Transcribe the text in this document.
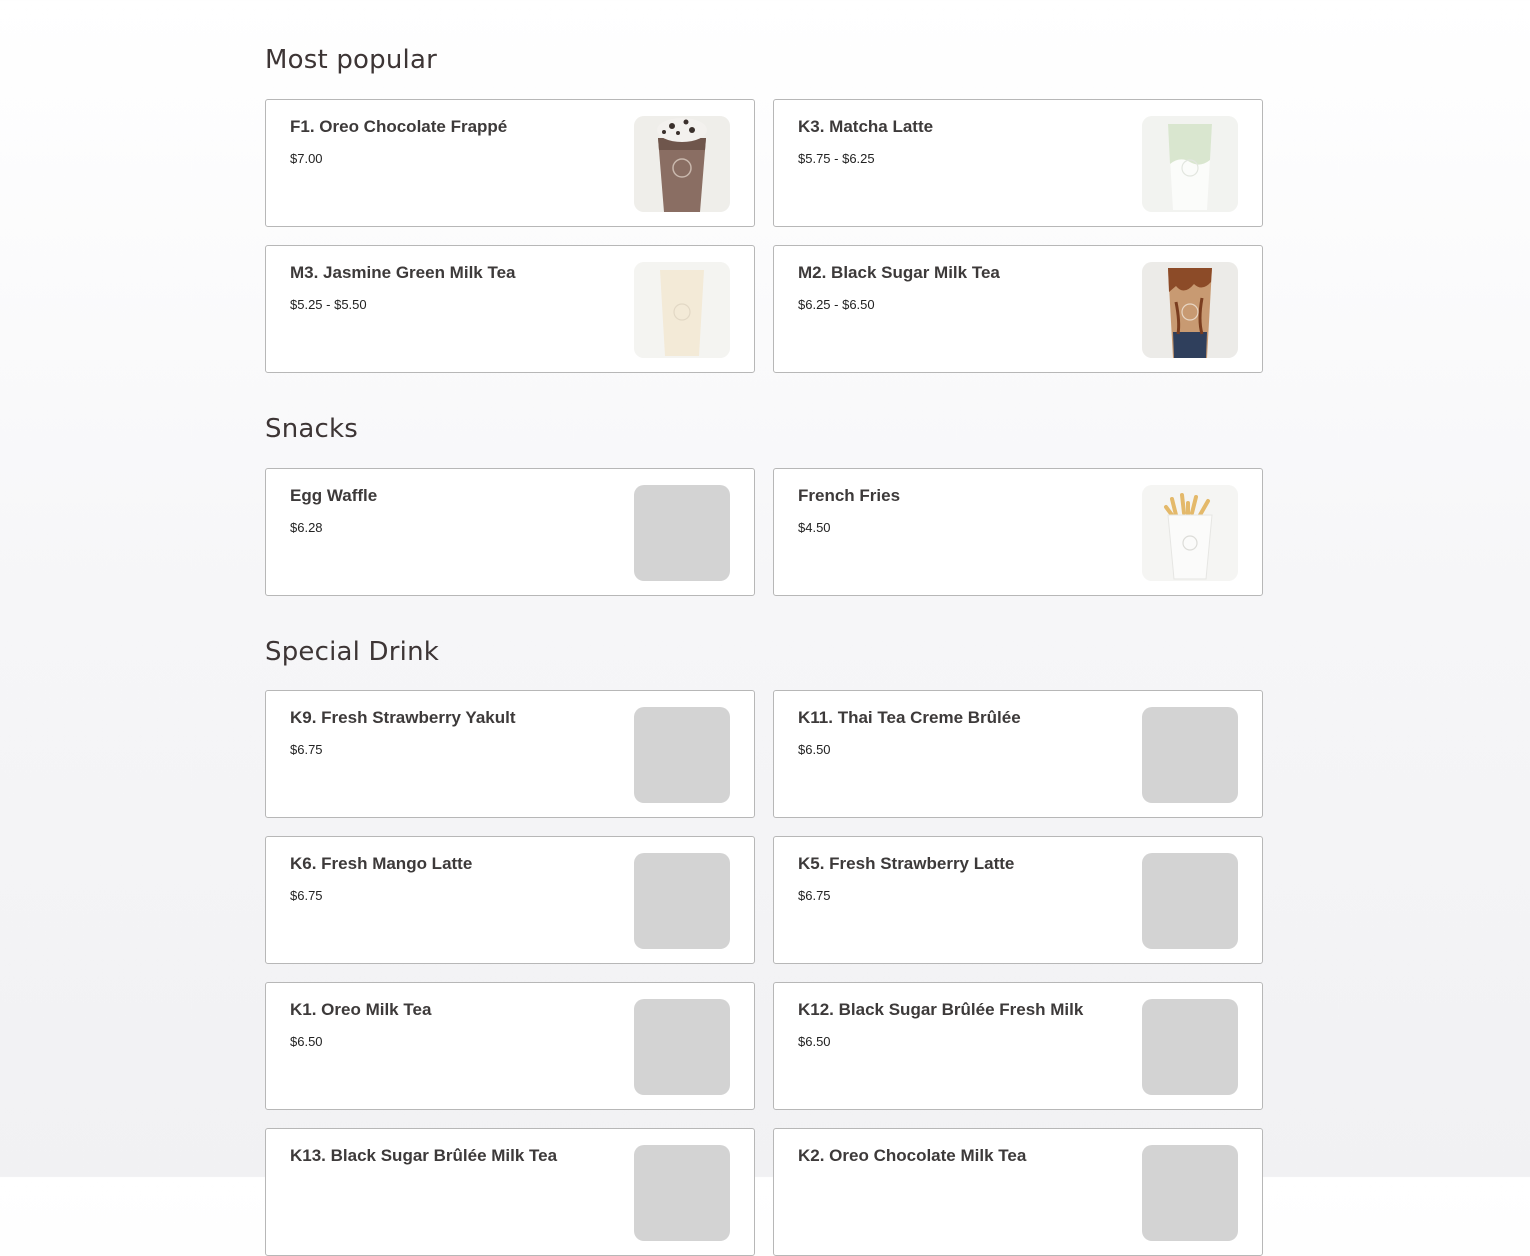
Most popular
F1. Oreo Chocolate Frappé
$7.00
K3. Matcha Latte
$5.75 - $6.25
M3. Jasmine Green Milk Tea
$5.25 - $5.50
M2. Black Sugar Milk Tea
$6.25 - $6.50
Snacks
Egg Waffle
$6.28
French Fries
$4.50
Special Drink
K9. Fresh Strawberry Yakult
$6.75
K11. Thai Tea Creme Brûlée
$6.50
K6. Fresh Mango Latte
$6.75
K5. Fresh Strawberry Latte
$6.75
K1. Oreo Milk Tea
$6.50
K12. Black Sugar Brûlée Fresh Milk
$6.50
K13. Black Sugar Brûlée Milk Tea	K2. Oreo Chocolate Milk Tea
